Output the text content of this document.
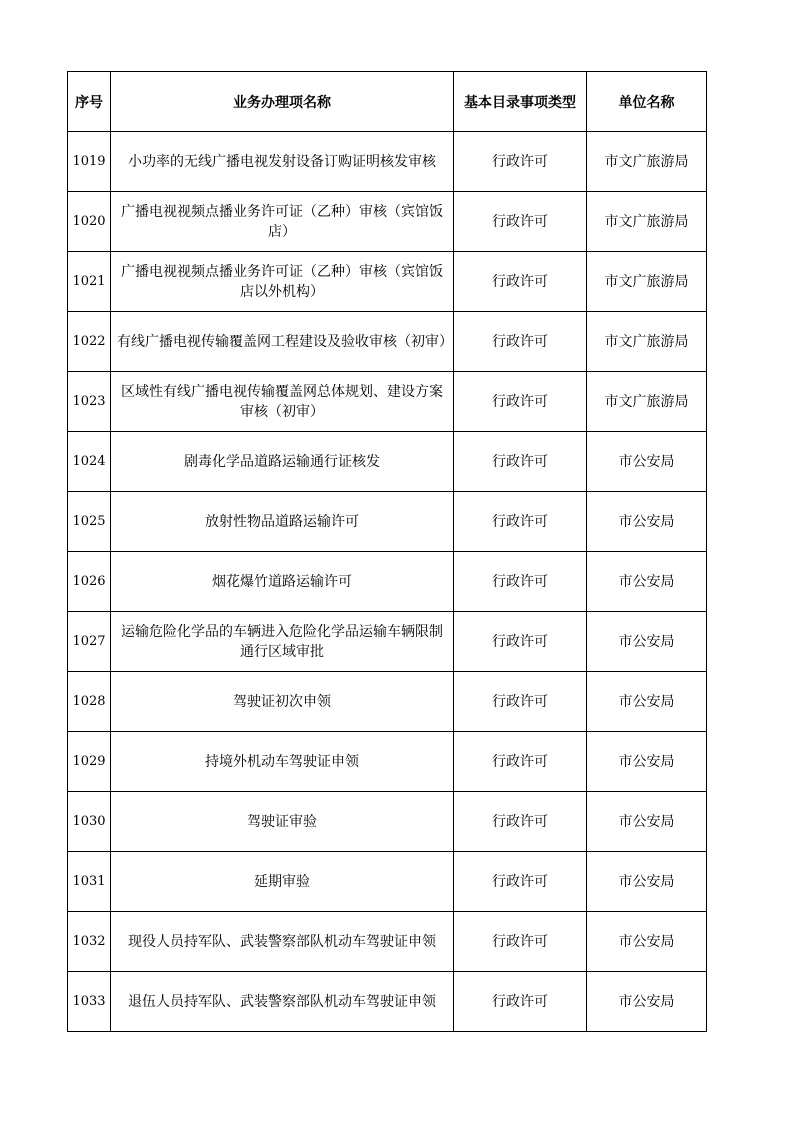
序号	业务办理项名称	基本目录事项类型	单位名称
1019	小功率的无线广播电视发射设备订购证明核发审核	行政许可	市文广旅游局
1020	广播电视视频点播业务许可证（乙种）审核（宾馆饭店）	行政许可	市文广旅游局
1021	广播电视视频点播业务许可证（乙种）审核（宾馆饭店以外机构）	行政许可	市文广旅游局
1022	有线广播电视传输覆盖网工程建设及验收审核（初审）	行政许可	市文广旅游局
1023	区域性有线广播电视传输覆盖网总体规划、建设方案审核（初审）	行政许可	市文广旅游局
1024	剧毒化学品道路运输通行证核发	行政许可	市公安局
1025	放射性物品道路运输许可	行政许可	市公安局
1026	烟花爆竹道路运输许可	行政许可	市公安局
1027	运输危险化学品的车辆进入危险化学品运输车辆限制通行区域审批	行政许可	市公安局
1028	驾驶证初次申领	行政许可	市公安局
1029	持境外机动车驾驶证申领	行政许可	市公安局
1030	驾驶证审验	行政许可	市公安局
1031	延期审验	行政许可	市公安局
1032	现役人员持军队、武装警察部队机动车驾驶证申领	行政许可	市公安局
1033	退伍人员持军队、武装警察部队机动车驾驶证申领	行政许可	市公安局
